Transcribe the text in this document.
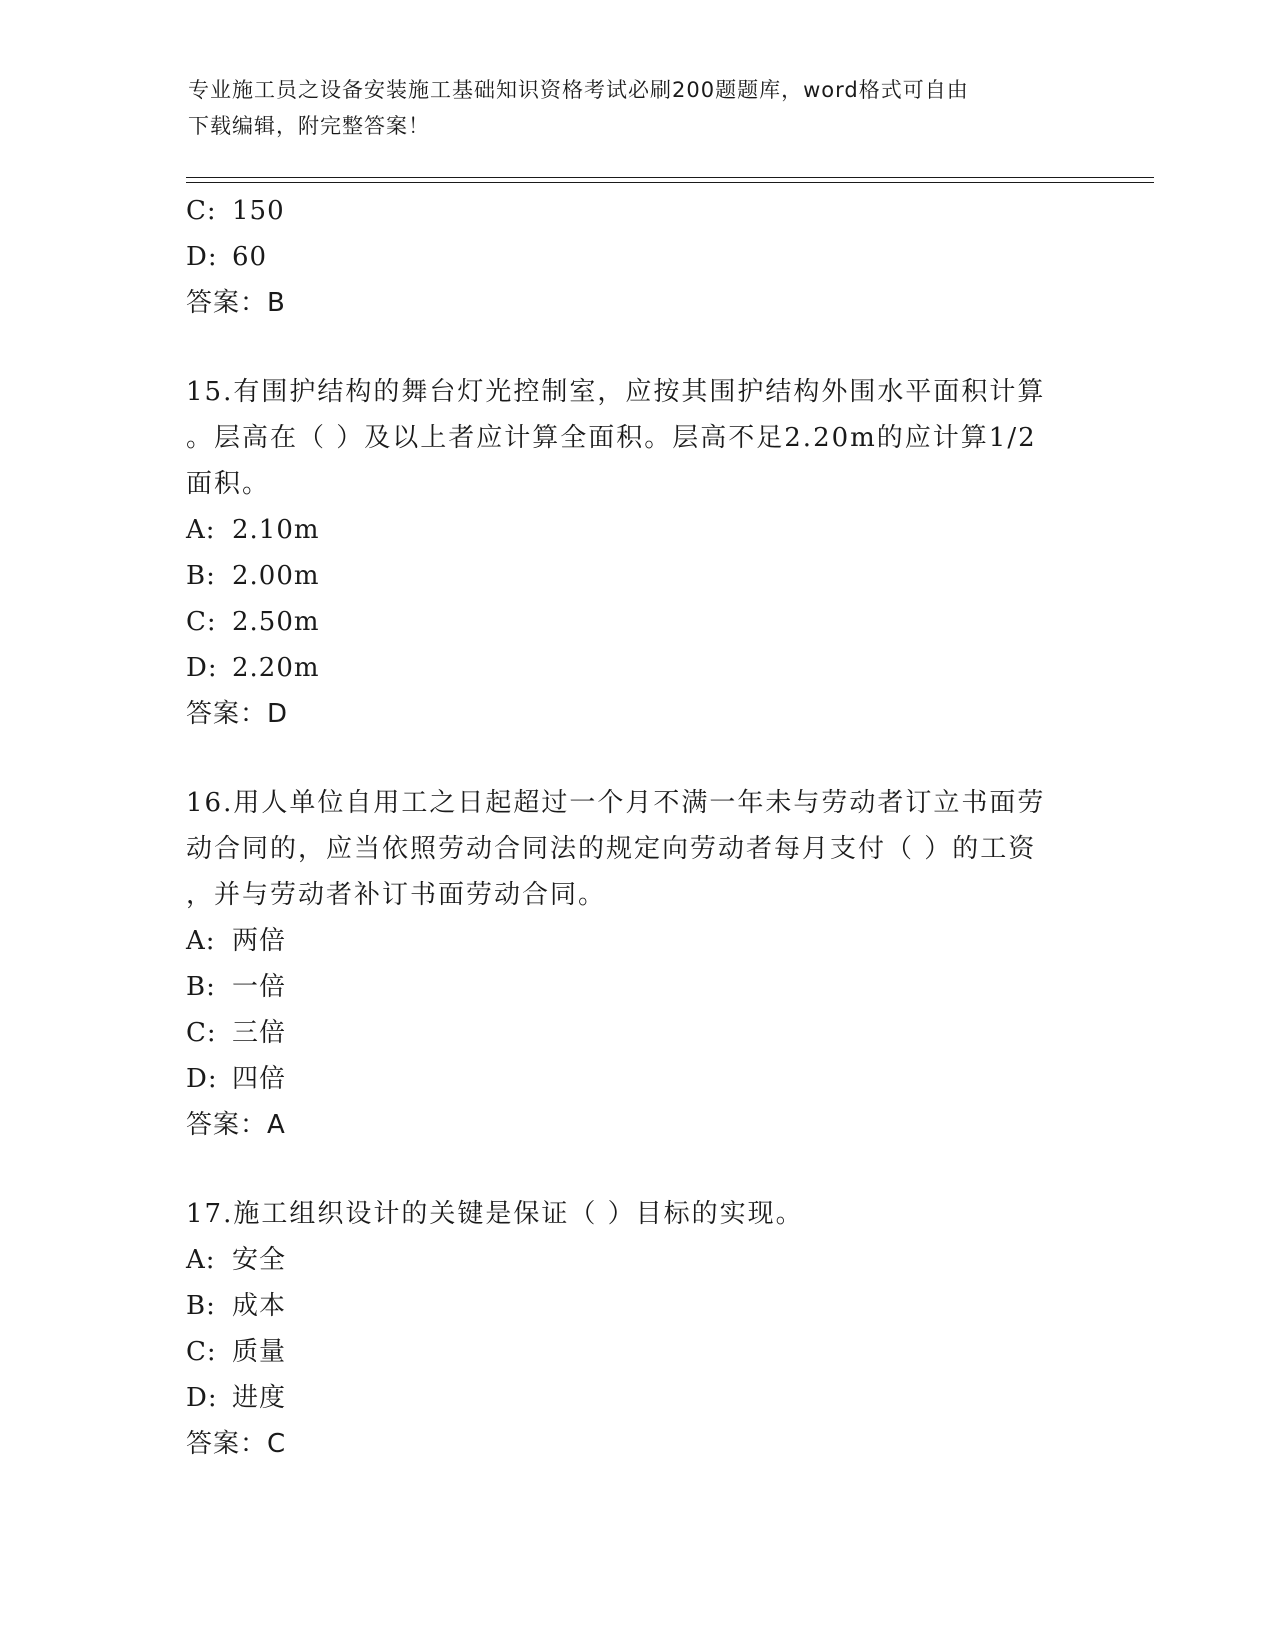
专业施工员之设备安装施工基础知识资格考试必刷200题题库，word格式可自由
下载编辑，附完整答案！
C: 150
D: 60
答案：B
15.有围护结构的舞台灯光控制室，应按其围护结构外围水平面积计算
。层高在（ ）及以上者应计算全面积。层高不足2.20m的应计算1/2
面积。
A: 2.10m
B: 2.00m
C: 2.50m
D: 2.20m
答案：D
16.用人单位自用工之日起超过一个月不满一年未与劳动者订立书面劳
动合同的，应当依照劳动合同法的规定向劳动者每月支付（ ）的工资
，并与劳动者补订书面劳动合同。
A: 两倍
B: 一倍
C: 三倍
D: 四倍
答案：A
17.施工组织设计的关键是保证（ ）目标的实现。
A: 安全
B: 成本
C: 质量
D: 进度
答案：C
